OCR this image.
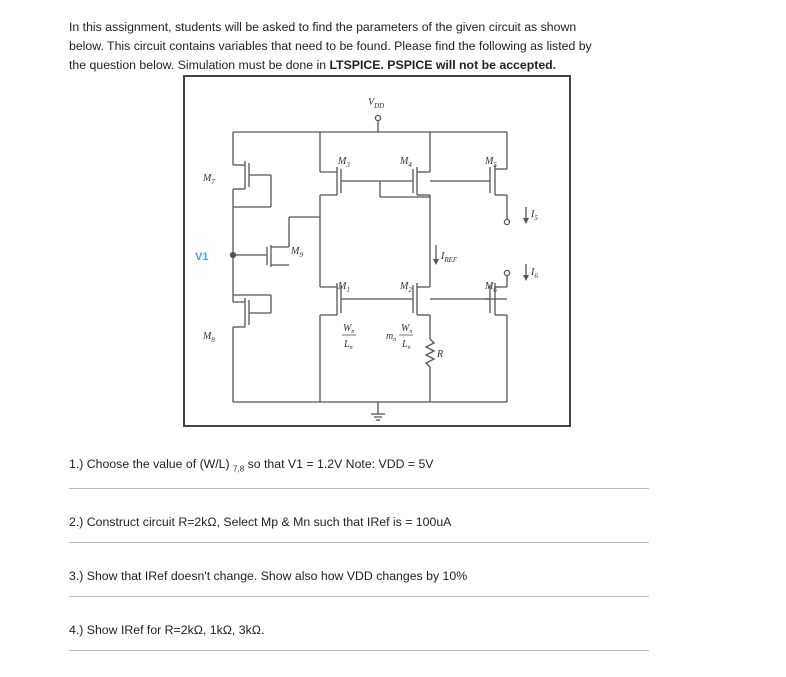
In this assignment, students will be asked to find the parameters of the given circuit as shown
below. This circuit contains variables that need to be found. Please find the following as listed by
the question below. Simulation must be done in LTSPICE. PSPICE will not be accepted.
$V_{DD}$
$M_3$	$M_4$	$M_5$
$M_7$
$M_9$
$M_8$
$M_1$	$M_2$	$M_6$
$I_{REF}$
$I_5$
$I_6$
R
$W_n$
$L_n$
$m_n$
$W_n$
$L_n$
V1
1.) Choose the value of (W/L) $_{7,8}$ so that V1 = 1.2V Note: VDD = 5V
2.) Construct circuit R=2kΩ, Select Mp & Mn such that IRef is = 100uA
3.) Show that IRef doesn't change. Show also how VDD changes by 10%
4.) Show IRef for R=2kΩ, 1kΩ, 3kΩ.
